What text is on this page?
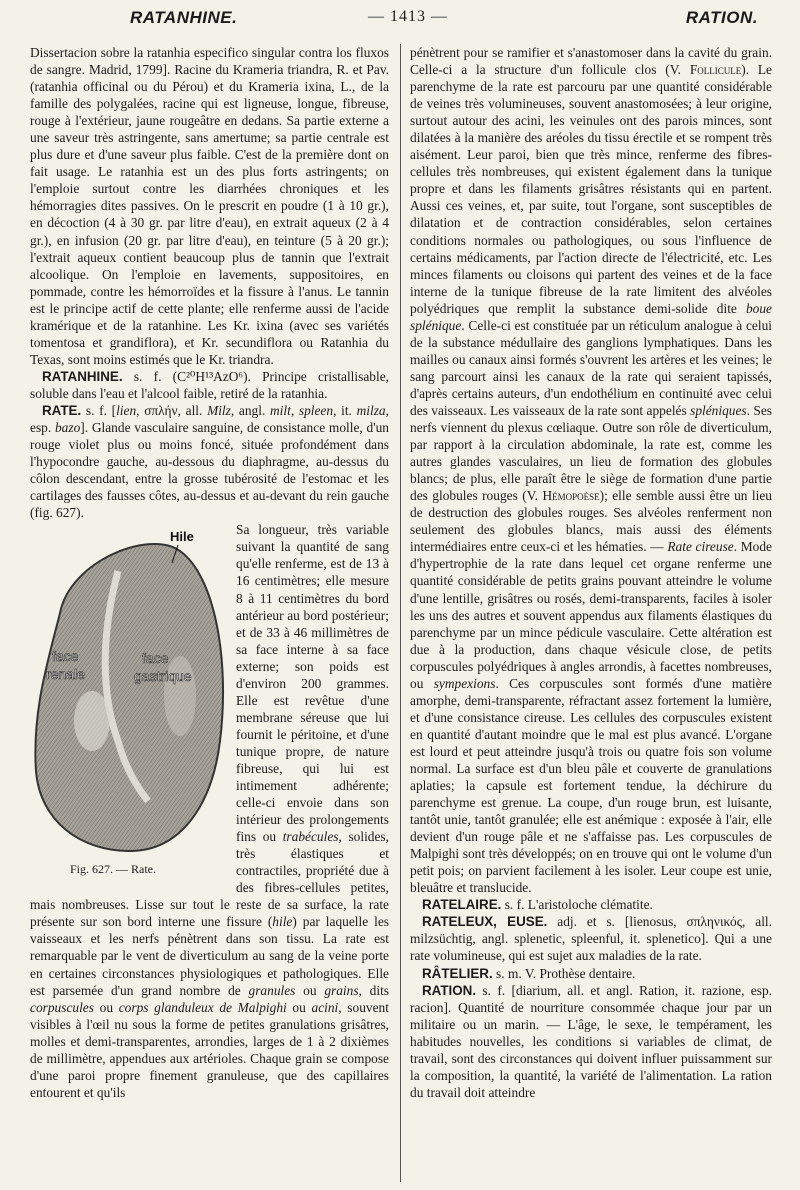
RATANHINE.	— 1413 —	RATION.

Dissertacion sobre la ratanhia especifico singular contra los fluxos de sangre. Madrid, 1799]. Racine du Krameria triandra, R. et Pav. (ratanhia officinal ou du Pérou) et du Krameria ixina, L., de la famille des polygalées, racine qui est ligneuse, longue, fibreuse, rouge à l'extérieur, jaune rougeâtre en dedans. Sa partie externe a une saveur très astringente, sans amertume; sa partie centrale est plus dure et d'une saveur plus faible. C'est de la première dont on fait usage. Le ratanhia est un des plus forts astringents; on l'emploie surtout contre les diarrhées chroniques et les hémorragies dites passives. On le prescrit en poudre (1 à 10 gr.), en décoction (4 à 30 gr. par litre d'eau), en extrait aqueux (2 à 4 gr.), en infusion (20 gr. par litre d'eau), en teinture (5 à 20 gr.); l'extrait aqueux contient beaucoup plus de tannin que l'extrait alcoolique. On l'emploie en lavements, suppositoires, en pommade, contre les hémorroïdes et la fissure à l'anus. Le tannin est le principe actif de cette plante; elle renferme aussi de l'acide kramérique et de la ratanhine. Les Kr. ixina (avec ses variétés tomentosa et grandiflora), et Kr. secundiflora ou Ratanhia du Texas, sont moins estimés que le Kr. triandra.

RATANHINE. s. f. (C²⁰H¹³AzO⁶). Principe cristallisable, soluble dans l'eau et l'alcool faible, retiré de la ratanhia.

RATE. s. f. [lien, σπλήν, all. Milz, angl. milt, spleen, it. milza, esp. bazo]. Glande vasculaire sanguine, de consistance molle, d'un rouge violet plus ou moins foncé, située profondément dans l'hypocondre gauche, au-dessous du diaphragme, au-dessus du côlon descendant, entre la grosse tubérosité de l'estomac et les cartilages des fausses côtes, au-dessus et au-devant du rein gauche (fig. 627).

Hile
face
renale
face
gastrique
Fig. 627. — Rate.

Sa longueur, très variable suivant la quantité de sang qu'elle renferme, est de 13 à 16 centimètres; elle mesure 8 à 11 centimètres du bord antérieur au bord postérieur; et de 33 à 46 millimètres de sa face interne à sa face externe; son poids est d'environ 200 grammes. Elle est revêtue d'une membrane séreuse que lui fournit le péritoine, et d'une tunique propre, de nature fibreuse, qui lui est intimement adhérente; celle-ci envoie dans son intérieur des prolongements fins ou trabécules, solides, très élastiques et contractiles, propriété due à des fibres-cellules petites, mais nombreuses. Lisse sur tout le reste de sa surface, la rate présente sur son bord interne une fissure (hile) par laquelle les vaisseaux et les nerfs pénètrent dans son tissu. La rate est remarquable par le vent de diverticulum au sang de la veine porte en certaines circonstances physiologiques et pathologiques. Elle est parsemée d'un grand nombre de granules ou grains, dits corpuscules ou corps glanduleux de Malpighi ou acini, souvent visibles à l'œil nu sous la forme de petites granulations grisâtres, molles et demi-transparentes, arrondies, larges de 1 à 2 dixièmes de millimètre, appendues aux artérioles. Chaque grain se compose d'une paroi propre finement granuleuse, que des capillaires entourent et qu'ils

pénètrent pour se ramifier et s'anastomoser dans la cavité du grain. Celle-ci a la structure d'un follicule clos (V. Follicule). Le parenchyme de la rate est parcouru par une quantité considérable de veines très volumineuses, souvent anastomosées; à leur origine, surtout autour des acini, les veinules ont des parois minces, sont dilatées à la manière des aréoles du tissu érectile et se rompent très aisément. Leur paroi, bien que très mince, renferme des fibres-cellules très nombreuses, qui existent également dans la tunique propre et dans les filaments grisâtres résistants qui en partent. Aussi ces veines, et, par suite, tout l'organe, sont susceptibles de dilatation et de contraction considérables, selon certaines conditions normales ou pathologiques, ou sous l'influence de certains médicaments, par l'action directe de l'électricité, etc. Les minces filaments ou cloisons qui partent des veines et de la face interne de la tunique fibreuse de la rate limitent des alvéoles polyédriques que remplit la substance demi-solide dite boue splénique. Celle-ci est constituée par un réticulum analogue à celui de la substance médullaire des ganglions lymphatiques. Dans les mailles ou canaux ainsi formés s'ouvrent les artères et les veines; le sang parcourt ainsi les canaux de la rate qui seraient tapissés, d'après certains auteurs, d'un endothélium en continuité avec celui des vaisseaux. Les vaisseaux de la rate sont appelés spléniques. Ses nerfs viennent du plexus cœliaque. Outre son rôle de diverticulum, par rapport à la circulation abdominale, la rate est, comme les autres glandes vasculaires, un lieu de formation des globules blancs; de plus, elle paraît être le siège de formation d'une partie des globules rouges (V. Hémopoèse); elle semble aussi être un lieu de destruction des globules rouges. Ses alvéoles renferment non seulement des globules blancs, mais aussi des éléments intermédiaires entre ceux-ci et les hématies. — Rate cireuse. Mode d'hypertrophie de la rate dans lequel cet organe renferme une quantité considérable de petits grains pouvant atteindre le volume d'une lentille, grisâtres ou rosés, demi-transparents, faciles à isoler les uns des autres et souvent appendus aux filaments élastiques du parenchyme par un mince pédicule vasculaire. Cette altération est due à la production, dans chaque vésicule close, de petits corpuscules polyédriques à angles arrondis, à facettes nombreuses, ou sympexions. Ces corpuscules sont formés d'une matière amorphe, demi-transparente, réfractant assez fortement la lumière, et d'une consistance cireuse. Les cellules des corpuscules existent en quantité d'autant moindre que le mal est plus avancé. L'organe est lourd et peut atteindre jusqu'à trois ou quatre fois son volume normal. La surface est d'un bleu pâle et couverte de granulations aplaties; la capsule est fortement tendue, la déchirure du parenchyme est grenue. La coupe, d'un rouge brun, est luisante, tantôt unie, tantôt granulée; elle est anémique : exposée à l'air, elle devient d'un rouge pâle et ne s'affaisse pas. Les corpuscules de Malpighi sont très développés; on en trouve qui ont le volume d'un petit pois; on parvient facilement à les isoler. Leur coupe est unie, bleuâtre et translucide.

RATELAIRE. s. f. L'aristoloche clématite.

RATELEUX, EUSE. adj. et s. [lienosus, σπληνικός, all. milzsüchtig, angl. splenetic, spleenful, it. splenetico]. Qui a une rate volumineuse, qui est sujet aux maladies de la rate.

RÂTELIER. s. m. V. Prothèse dentaire.

RATION. s. f. [diarium, all. et angl. Ration, it. razione, esp. racion]. Quantité de nourriture consommée chaque jour par un militaire ou un marin. — L'âge, le sexe, le tempérament, les habitudes nouvelles, les conditions si variables de climat, de travail, sont des circonstances qui doivent influer puissamment sur la composition, la quantité, la variété de l'alimentation. La ration du travail doit atteindre
